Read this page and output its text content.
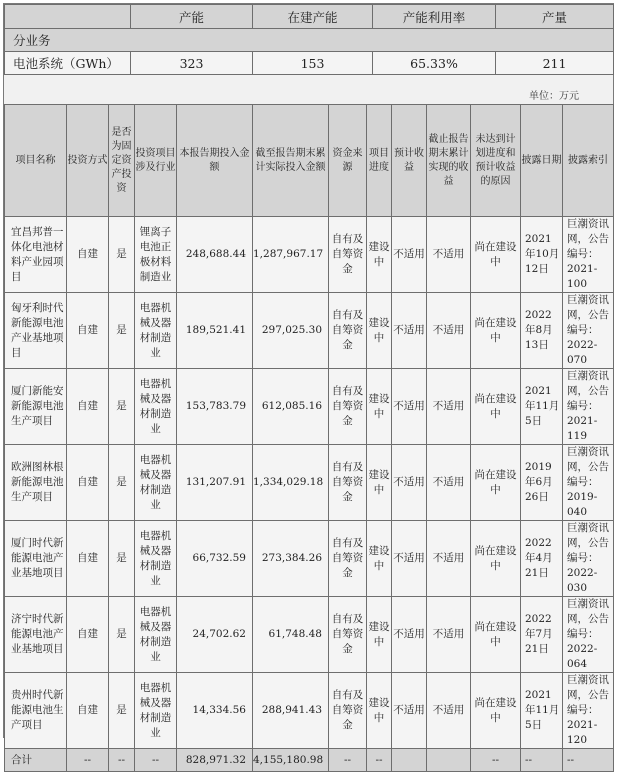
	产能	在建产能	产能利用率	产量
分业务				
电池系统（GWh）	323	153	65.33%	211
单位：万元
项目名称	投资方式	是否为固定资产投资	投资项目涉及行业	本报告期投入金额	截至报告期末累计实际投入金额	资金来源	项目进度	预计收益	截止报告期末累计实现的收益	未达到计划进度和预计收益的原因	披露日期	披露索引
宜昌邦普一体化电池材料产业园项目	自建	是	锂离子电池正极材料制造业	248,688.44	1,287,967.17	自有及自筹资金	建设中	不适用	不适用	尚在建设中	2021年10月12日	巨潮资讯网，公告编号：2021-100
匈牙利时代新能源电池产业基地项目	自建	是	电器机械及器材制造业	189,521.41	297,025.30	自有及自筹资金	建设中	不适用	不适用	尚在建设中	2022年8月13日	巨潮资讯网，公告编号：2022-070
厦门新能安新能源电池生产项目	自建	是	电器机械及器材制造业	153,783.79	612,085.16	自有及自筹资金	建设中	不适用	不适用	尚在建设中	2021年11月5日	巨潮资讯网，公告编号：2021-119
欧洲图林根新能源电池生产项目	自建	是	电器机械及器材制造业	131,207.91	1,334,029.18	自有及自筹资金	建设中	不适用	不适用	尚在建设中	2019年6月26日	巨潮资讯网，公告编号：2019-040
厦门时代新能源电池产业基地项目	自建	是	电器机械及器材制造业	66,732.59	273,384.26	自有及自筹资金	建设中	不适用	不适用	尚在建设中	2022年4月21日	巨潮资讯网，公告编号：2022-030
济宁时代新能源电池产业基地项目	自建	是	电器机械及器材制造业	24,702.62	61,748.48	自有及自筹资金	建设中	不适用	不适用	尚在建设中	2022年7月21日	巨潮资讯网，公告编号：2022-064
贵州时代新能源电池生产项目	自建	是	电器机械及器材制造业	14,334.56	288,941.43	自有及自筹资金	建设中	不适用	不适用	尚在建设中	2021年11月5日	巨潮资讯网，公告编号：2021-120
合计	--	--	--	828,971.32	4,155,180.98	--	--			--	--	--
